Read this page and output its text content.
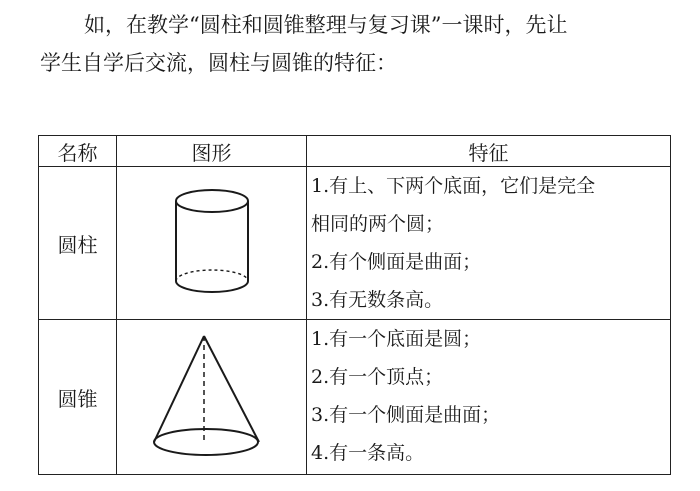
如，在教学“圆柱和圆锥整理与复习课”一课时，先让
学生自学后交流，圆柱与圆锥的特征：
名称	图形	特征
圆柱		1.有上、下两个底面，它们是完全
相同的两个圆；
2.有个侧面是曲面；
3.有无数条高。

圆锥		1.有一个底面是圆；
2.有一个顶点；
3.有一个侧面是曲面；
4.有一条高。
